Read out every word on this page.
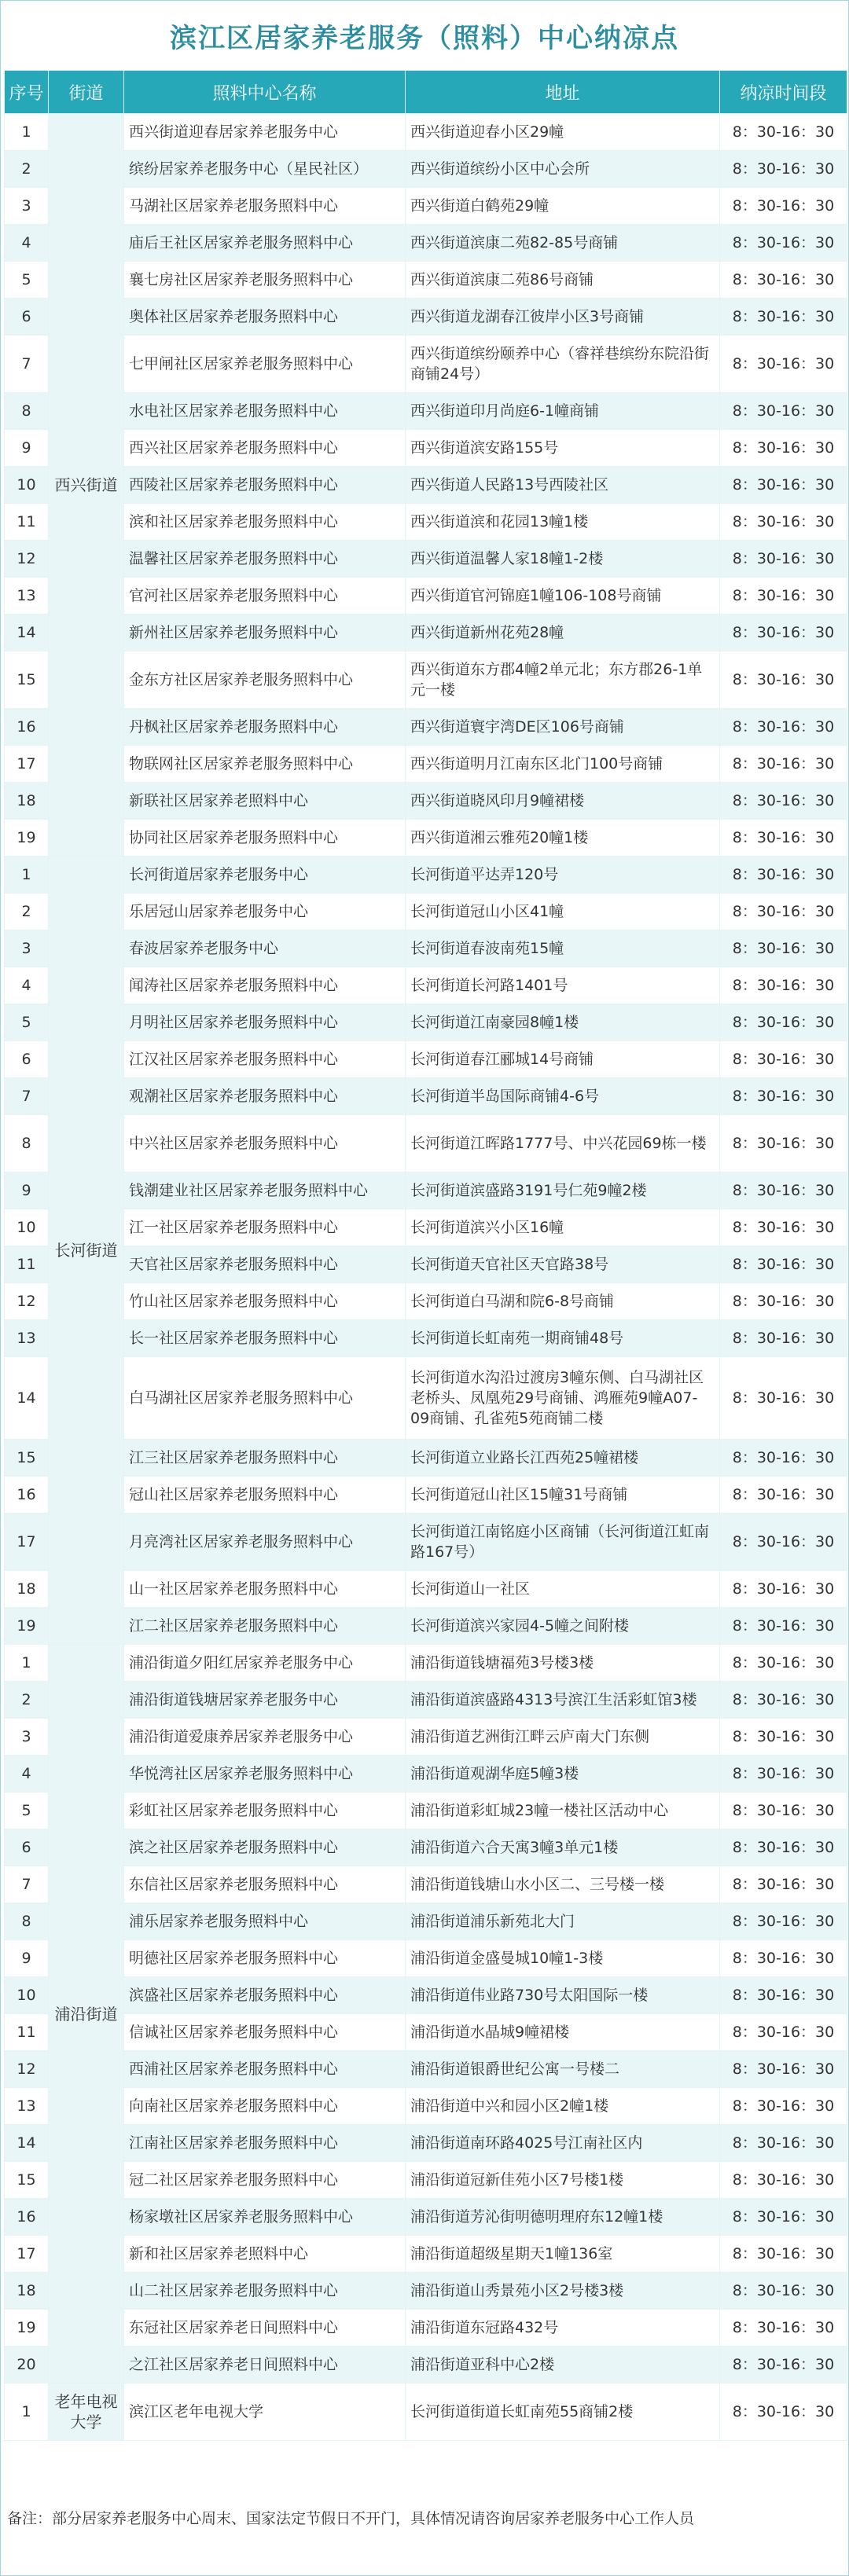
滨江区居家养老服务（照料）中心纳凉点
序号	街道	照料中心名称	地址	纳凉时间段
1	西兴街道	西兴街道迎春居家养老服务中心	西兴街道迎春小区29幢	8：30-16：30
2		缤纷居家养老服务中心（星民社区）	西兴街道缤纷小区中心会所	8：30-16：30
3		马湖社区居家养老服务照料中心	西兴街道白鹤苑29幢	8：30-16：30
4		庙后王社区居家养老服务照料中心	西兴街道滨康二苑82-85号商铺	8：30-16：30
5		襄七房社区居家养老服务照料中心	西兴街道滨康二苑86号商铺	8：30-16：30
6		奥体社区居家养老服务照料中心	西兴街道龙湖春江彼岸小区3号商铺	8：30-16：30
7		七甲闸社区居家养老服务照料中心	西兴街道缤纷颐养中心（睿祥巷缤纷东院沿街商铺24号）	8：30-16：30
8		水电社区居家养老服务照料中心	西兴街道印月尚庭6-1幢商铺	8：30-16：30
9		西兴社区居家养老服务照料中心	西兴街道滨安路155号	8：30-16：30
10		西陵社区居家养老服务照料中心	西兴街道人民路13号西陵社区	8：30-16：30
11		滨和社区居家养老服务照料中心	西兴街道滨和花园13幢1楼	8：30-16：30
12		温馨社区居家养老服务照料中心	西兴街道温馨人家18幢1-2楼	8：30-16：30
13		官河社区居家养老服务照料中心	西兴街道官河锦庭1幢106-108号商铺	8：30-16：30
14		新州社区居家养老服务照料中心	西兴街道新州花苑28幢	8：30-16：30
15		金东方社区居家养老服务照料中心	西兴街道东方郡4幢2单元北；东方郡26-1单元一楼	8：30-16：30
16		丹枫社区居家养老服务照料中心	西兴街道寰宇湾DE区106号商铺	8：30-16：30
17		物联网社区居家养老服务照料中心	西兴街道明月江南东区北门100号商铺	8：30-16：30
18		新联社区居家养老照料中心	西兴街道晓风印月9幢裙楼	8：30-16：30
19		协同社区居家养老服务照料中心	西兴街道湘云雅苑20幢1楼	8：30-16：30
1	长河街道	长河街道居家养老服务中心	长河街道平达弄120号	8：30-16：30
2		乐居冠山居家养老服务中心	长河街道冠山小区41幢	8：30-16：30
3		春波居家养老服务中心	长河街道春波南苑15幢	8：30-16：30
4		闻涛社区居家养老服务照料中心	长河街道长河路1401号	8：30-16：30
5		月明社区居家养老服务照料中心	长河街道江南豪园8幢1楼	8：30-16：30
6		江汉社区居家养老服务照料中心	长河街道春江郦城14号商铺	8：30-16：30
7		观潮社区居家养老服务照料中心	长河街道半岛国际商铺4-6号	8：30-16：30
8		中兴社区居家养老服务照料中心	长河街道江晖路1777号、中兴花园69栋一楼	8：30-16：30
9		钱潮建业社区居家养老服务照料中心	长河街道滨盛路3191号仁苑9幢2楼	8：30-16：30
10		江一社区居家养老服务照料中心	长河街道滨兴小区16幢	8：30-16：30
11		天官社区居家养老服务照料中心	长河街道天官社区天官路38号	8：30-16：30
12		竹山社区居家养老服务照料中心	长河街道白马湖和院6-8号商铺	8：30-16：30
13		长一社区居家养老服务照料中心	长河街道长虹南苑一期商铺48号	8：30-16：30
14		白马湖社区居家养老服务照料中心	长河街道水沟沿过渡房3幢东侧、白马湖社区老桥头、凤凰苑29号商铺、鸿雁苑9幢A07-09商铺、孔雀苑5苑商铺二楼	8：30-16：30
15		江三社区居家养老服务照料中心	长河街道立业路长江西苑25幢裙楼	8：30-16：30
16		冠山社区居家养老服务照料中心	长河街道冠山社区15幢31号商铺	8：30-16：30
17		月亮湾社区居家养老服务照料中心	长河街道江南铭庭小区商铺（长河街道江虹南路167号）	8：30-16：30
18		山一社区居家养老服务照料中心	长河街道山一社区	8：30-16：30
19		江二社区居家养老服务照料中心	长河街道滨兴家园4-5幢之间附楼	8：30-16：30
1	浦沿街道	浦沿街道夕阳红居家养老服务中心	浦沿街道钱塘福苑3号楼3楼	8：30-16：30
2		浦沿街道钱塘居家养老服务中心	浦沿街道滨盛路4313号滨江生活彩虹馆3楼	8：30-16：30
3		浦沿街道爱康养居家养老服务中心	浦沿街道艺洲街江畔云庐南大门东侧	8：30-16：30
4		华悦湾社区居家养老服务照料中心	浦沿街道观湖华庭5幢3楼	8：30-16：30
5		彩虹社区居家养老服务照料中心	浦沿街道彩虹城23幢一楼社区活动中心	8：30-16：30
6		滨之社区居家养老服务照料中心	浦沿街道六合天寓3幢3单元1楼	8：30-16：30
7		东信社区居家养老服务照料中心	浦沿街道钱塘山水小区二、三号楼一楼	8：30-16：30
8		浦乐居家养老服务照料中心	浦沿街道浦乐新苑北大门	8：30-16：30
9		明德社区居家养老服务照料中心	浦沿街道金盛曼城10幢1-3楼	8：30-16：30
10		滨盛社区居家养老服务照料中心	浦沿街道伟业路730号太阳国际一楼	8：30-16：30
11		信诚社区居家养老服务照料中心	浦沿街道水晶城9幢裙楼	8：30-16：30
12		西浦社区居家养老服务照料中心	浦沿街道银爵世纪公寓一号楼二	8：30-16：30
13		向南社区居家养老服务照料中心	浦沿街道中兴和园小区2幢1楼	8：30-16：30
14		江南社区居家养老服务照料中心	浦沿街道南环路4025号江南社区内	8：30-16：30
15		冠二社区居家养老服务照料中心	浦沿街道冠新佳苑小区7号楼1楼	8：30-16：30
16		杨家墩社区居家养老服务照料中心	浦沿街道芳沁街明德明理府东12幢1楼	8：30-16：30
17		新和社区居家养老照料中心	浦沿街道超级星期天1幢136室	8：30-16：30
18		山二社区居家养老服务照料中心	浦沿街道山秀景苑小区2号楼3楼	8：30-16：30
19		东冠社区居家养老日间照料中心	浦沿街道东冠路432号	8：30-16：30
20		之江社区居家养老日间照料中心	浦沿街道亚科中心2楼	8：30-16：30
1	老年电视大学	滨江区老年电视大学	长河街道街道长虹南苑55商铺2楼	8：30-16：30
备注：部分居家养老服务中心周末、国家法定节假日不开门，具体情况请咨询居家养老服务中心工作人员
